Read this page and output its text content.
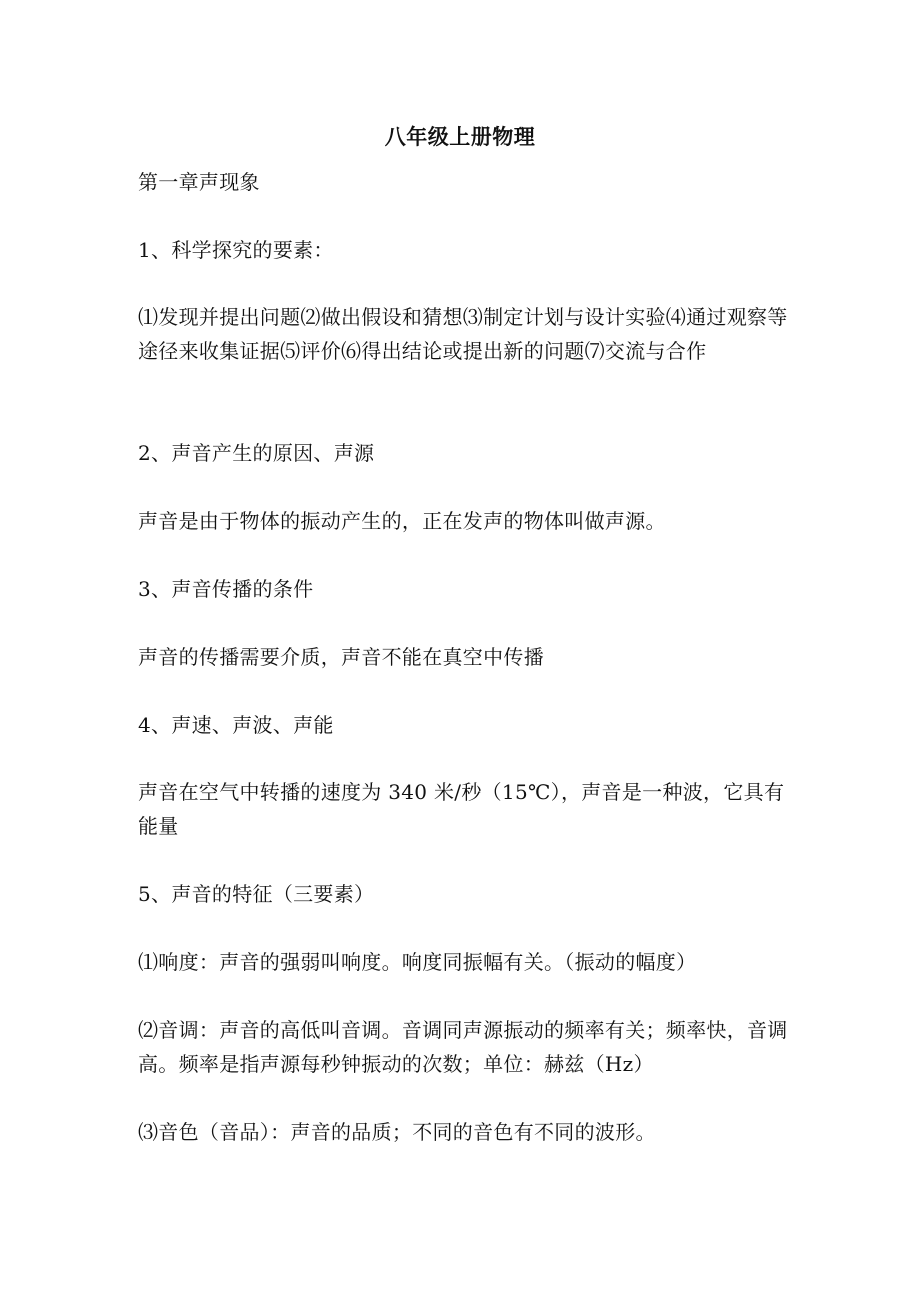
八年级上册物理

第一章声现象

1、科学探究的要素：

⑴发现并提出问题⑵做出假设和猜想⑶制定计划与设计实验⑷通过观察等途径来收集证据⑸评价⑹得出结论或提出新的问题⑺交流与合作

2、声音产生的原因、声源

声音是由于物体的振动产生的，正在发声的物体叫做声源。

3、声音传播的条件

声音的传播需要介质，声音不能在真空中传播

4、声速、声波、声能

声音在空气中转播的速度为 340 米/秒（15℃），声音是一种波，它具有能量

5、声音的特征（三要素）

⑴响度：声音的强弱叫响度。响度同振幅有关。（振动的幅度）

⑵音调：声音的高低叫音调。音调同声源振动的频率有关；频率快，音调高。频率是指声源每秒钟振动的次数；单位：赫兹（Hz）

⑶音色（音品）：声音的品质；不同的音色有不同的波形。
